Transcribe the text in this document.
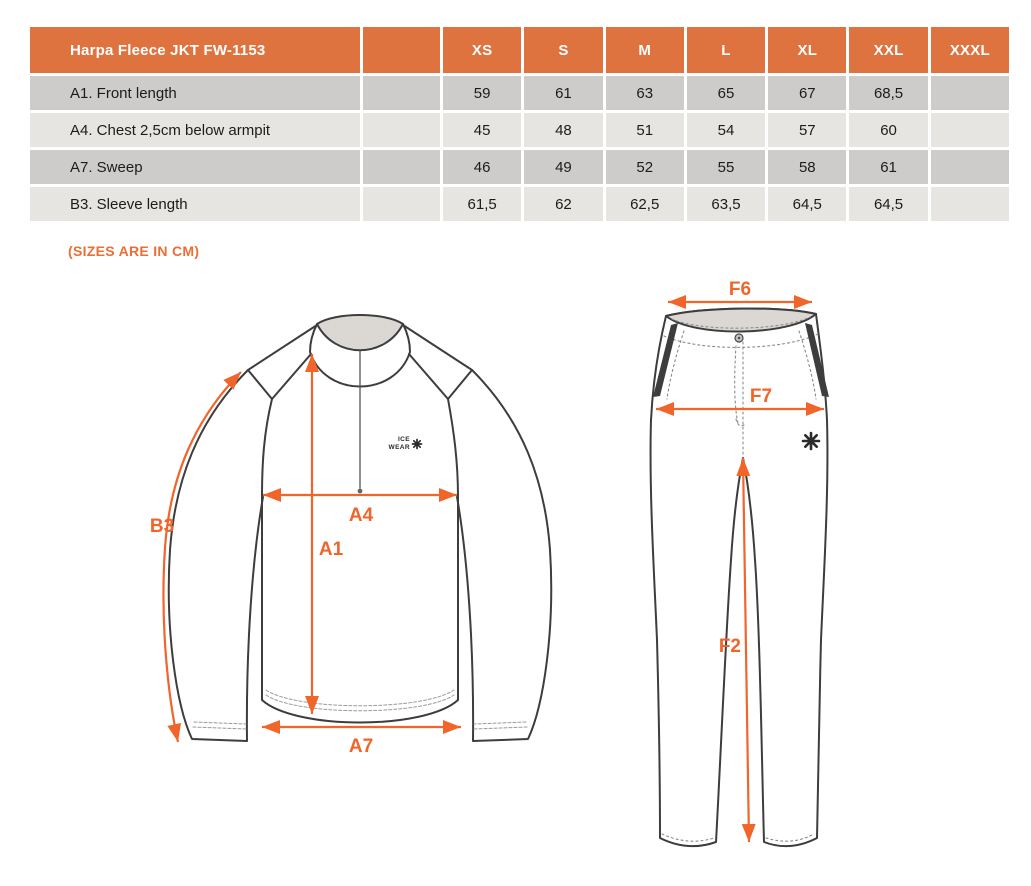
Harpa Fleece JKT FW-1153	XS	S	M	L	XL	XXL	XXXL
A1. Front length	59	61	63	65	67	68,5
A4. Chest 2,5cm below armpit	45	48	51	54	57	60
A7. Sweep	46	49	52	55	58	61
B3. Sleeve length	61,5	62	62,5	63,5	64,5	64,5
(SIZES ARE IN CM)
ICE
WEAR
B3
A4
A1
A7
F6
F7
F2
